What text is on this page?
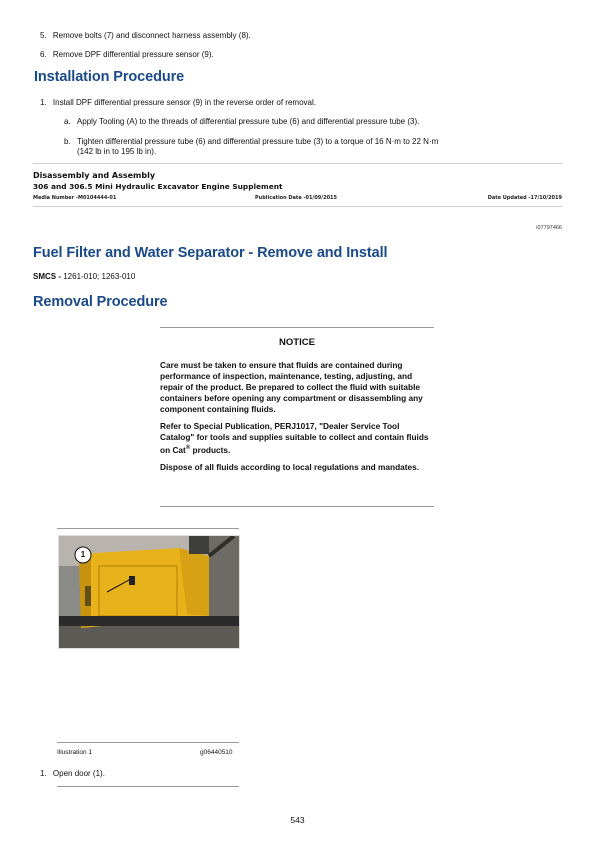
5. Remove bolts (7) and disconnect harness assembly (8).
6. Remove DPF differential pressure sensor (9).
Installation Procedure
1. Install DPF differential pressure sensor (9) in the reverse order of removal.
a. Apply Tooling (A) to the threads of differential pressure tube (6) and differential pressure tube (3).
b. Tighten differential pressure tube (6) and differential pressure tube (3) to a torque of 16 N·m to 22 N·m
(142 lb in to 195 lb in).
Disassembly and Assembly
306 and 306.5 Mini Hydraulic Excavator Engine Supplement
Media Number -M0104444-01	Publication Date -01/09/2015	Date Updated -17/10/2019
i07797466
Fuel Filter and Water Separator - Remove and Install
SMCS - 1261-010; 1263-010
Removal Procedure
NOTICE

Care must be taken to ensure that fluids are contained during performance of inspection, maintenance, testing, adjusting, and repair of the product. Be prepared to collect the fluid with suitable containers before opening any compartment or disassembling any component containing fluids.

Refer to Special Publication, PERJ1017, "Dealer Service Tool Catalog" for tools and supplies suitable to collect and contain fluids on Cat® products.

Dispose of all fluids according to local regulations and mandates.

1
Illustration 1	g06440510
1. Open door (1).
543
